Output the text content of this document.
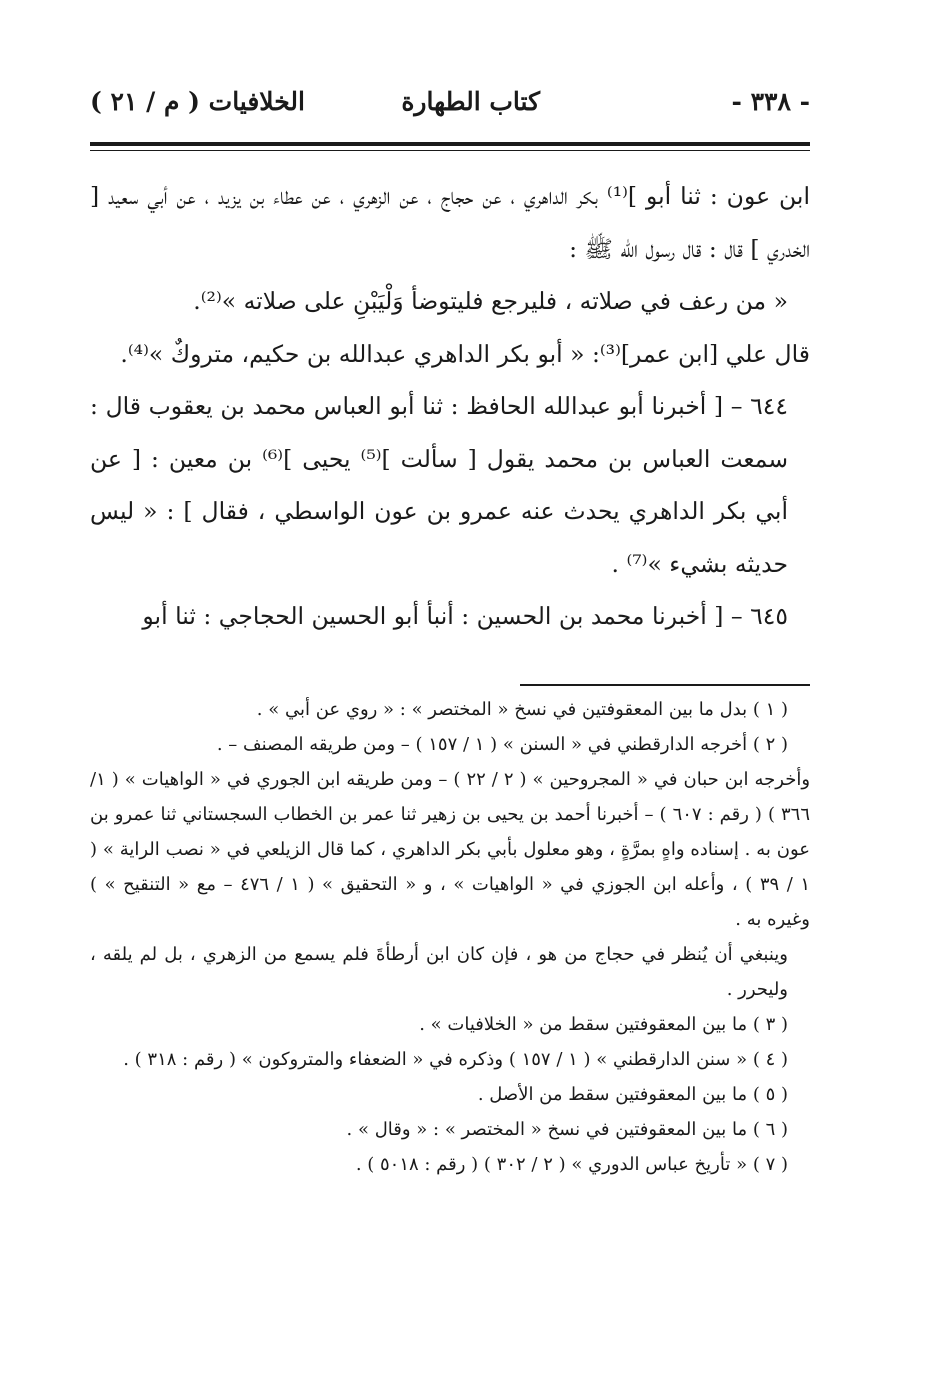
- ٣٣٨ -
كتاب الطهارة
الخلافيات ( م / ٢١ )

ابن عون : ثنا أبو ]⁽¹⁾ بكر الداهري ، عن حجاج ، عن الزهري ، عن عطاء بن يزيد ، عن أبي سعيد [ الخدري ] قال : قال رسول الله ﷺ :

« من رعف في صلاته ، فليرجع فليتوضأ وَلْيَبْنِ على صلاته »⁽²⁾.

قال علي [ابن عمر]⁽³⁾: « أبو بكر الداهري عبدالله بن حكيم، متروكٌ »⁽⁴⁾.

٦٤٤ – [ أخبرنا أبو عبدالله الحافظ : ثنا أبو العباس محمد بن يعقوب قال : سمعت العباس بن محمد يقول [ سألت ]⁽⁵⁾ يحيى ]⁽⁶⁾ بن معين : [ عن أبي بكر الداهري يحدث عنه عمرو بن عون الواسطي ، فقال ] : « ليس حديثه بشيء »⁽⁷⁾ .

٦٤٥ – [ أخبرنا محمد بن الحسين : أنبأ أبو الحسين الحجاجي : ثنا أبو

( ١ ) بدل ما بين المعقوفتين في نسخ « المختصر » : « روي عن أبي » .

( ٢ ) أخرجه الدارقطني في « السنن » ( ١ / ١٥٧ ) – ومن طريقه المصنف – .

وأخرجه ابن حبان في « المجروحين » ( ٢ / ٢٢ ) – ومن طريقه ابن الجوري في « الواهيات » ( ١/ ٣٦٦ ) ( رقم : ٦٠٧ ) – أخبرنا أحمد بن يحيى بن زهير ثنا عمر بن الخطاب السجستاني ثنا عمرو بن عون به . إسناده واهٍ بمرَّةٍ ، وهو معلول بأبي بكر الداهري ، كما قال الزيلعي في « نصب الراية » ( ١ / ٣٩ ) ، وأعله ابن الجوزي في « الواهيات » ، و « التحقيق » ( ١ / ٤٧٦ – مع « التنقيح » ) وغيره به .

وينبغي أن يُنظر في حجاج من هو ، فإن كان ابن أرطأةَ فلم يسمع من الزهري ، بل لم يلقه ، وليحرر .

( ٣ ) ما بين المعقوفتين سقط من « الخلافيات » .

( ٤ ) « سنن الدارقطني » ( ١ / ١٥٧ ) وذكره في « الضعفاء والمتروكون » ( رقم : ٣١٨ ) .

( ٥ ) ما بين المعقوفتين سقط من الأصل .

( ٦ ) ما بين المعقوفتين في نسخ « المختصر » : « وقال » .

( ٧ ) « تأريخ عباس الدوري » ( ٢ / ٣٠٢ ) ( رقم : ٥٠١٨ ) .
